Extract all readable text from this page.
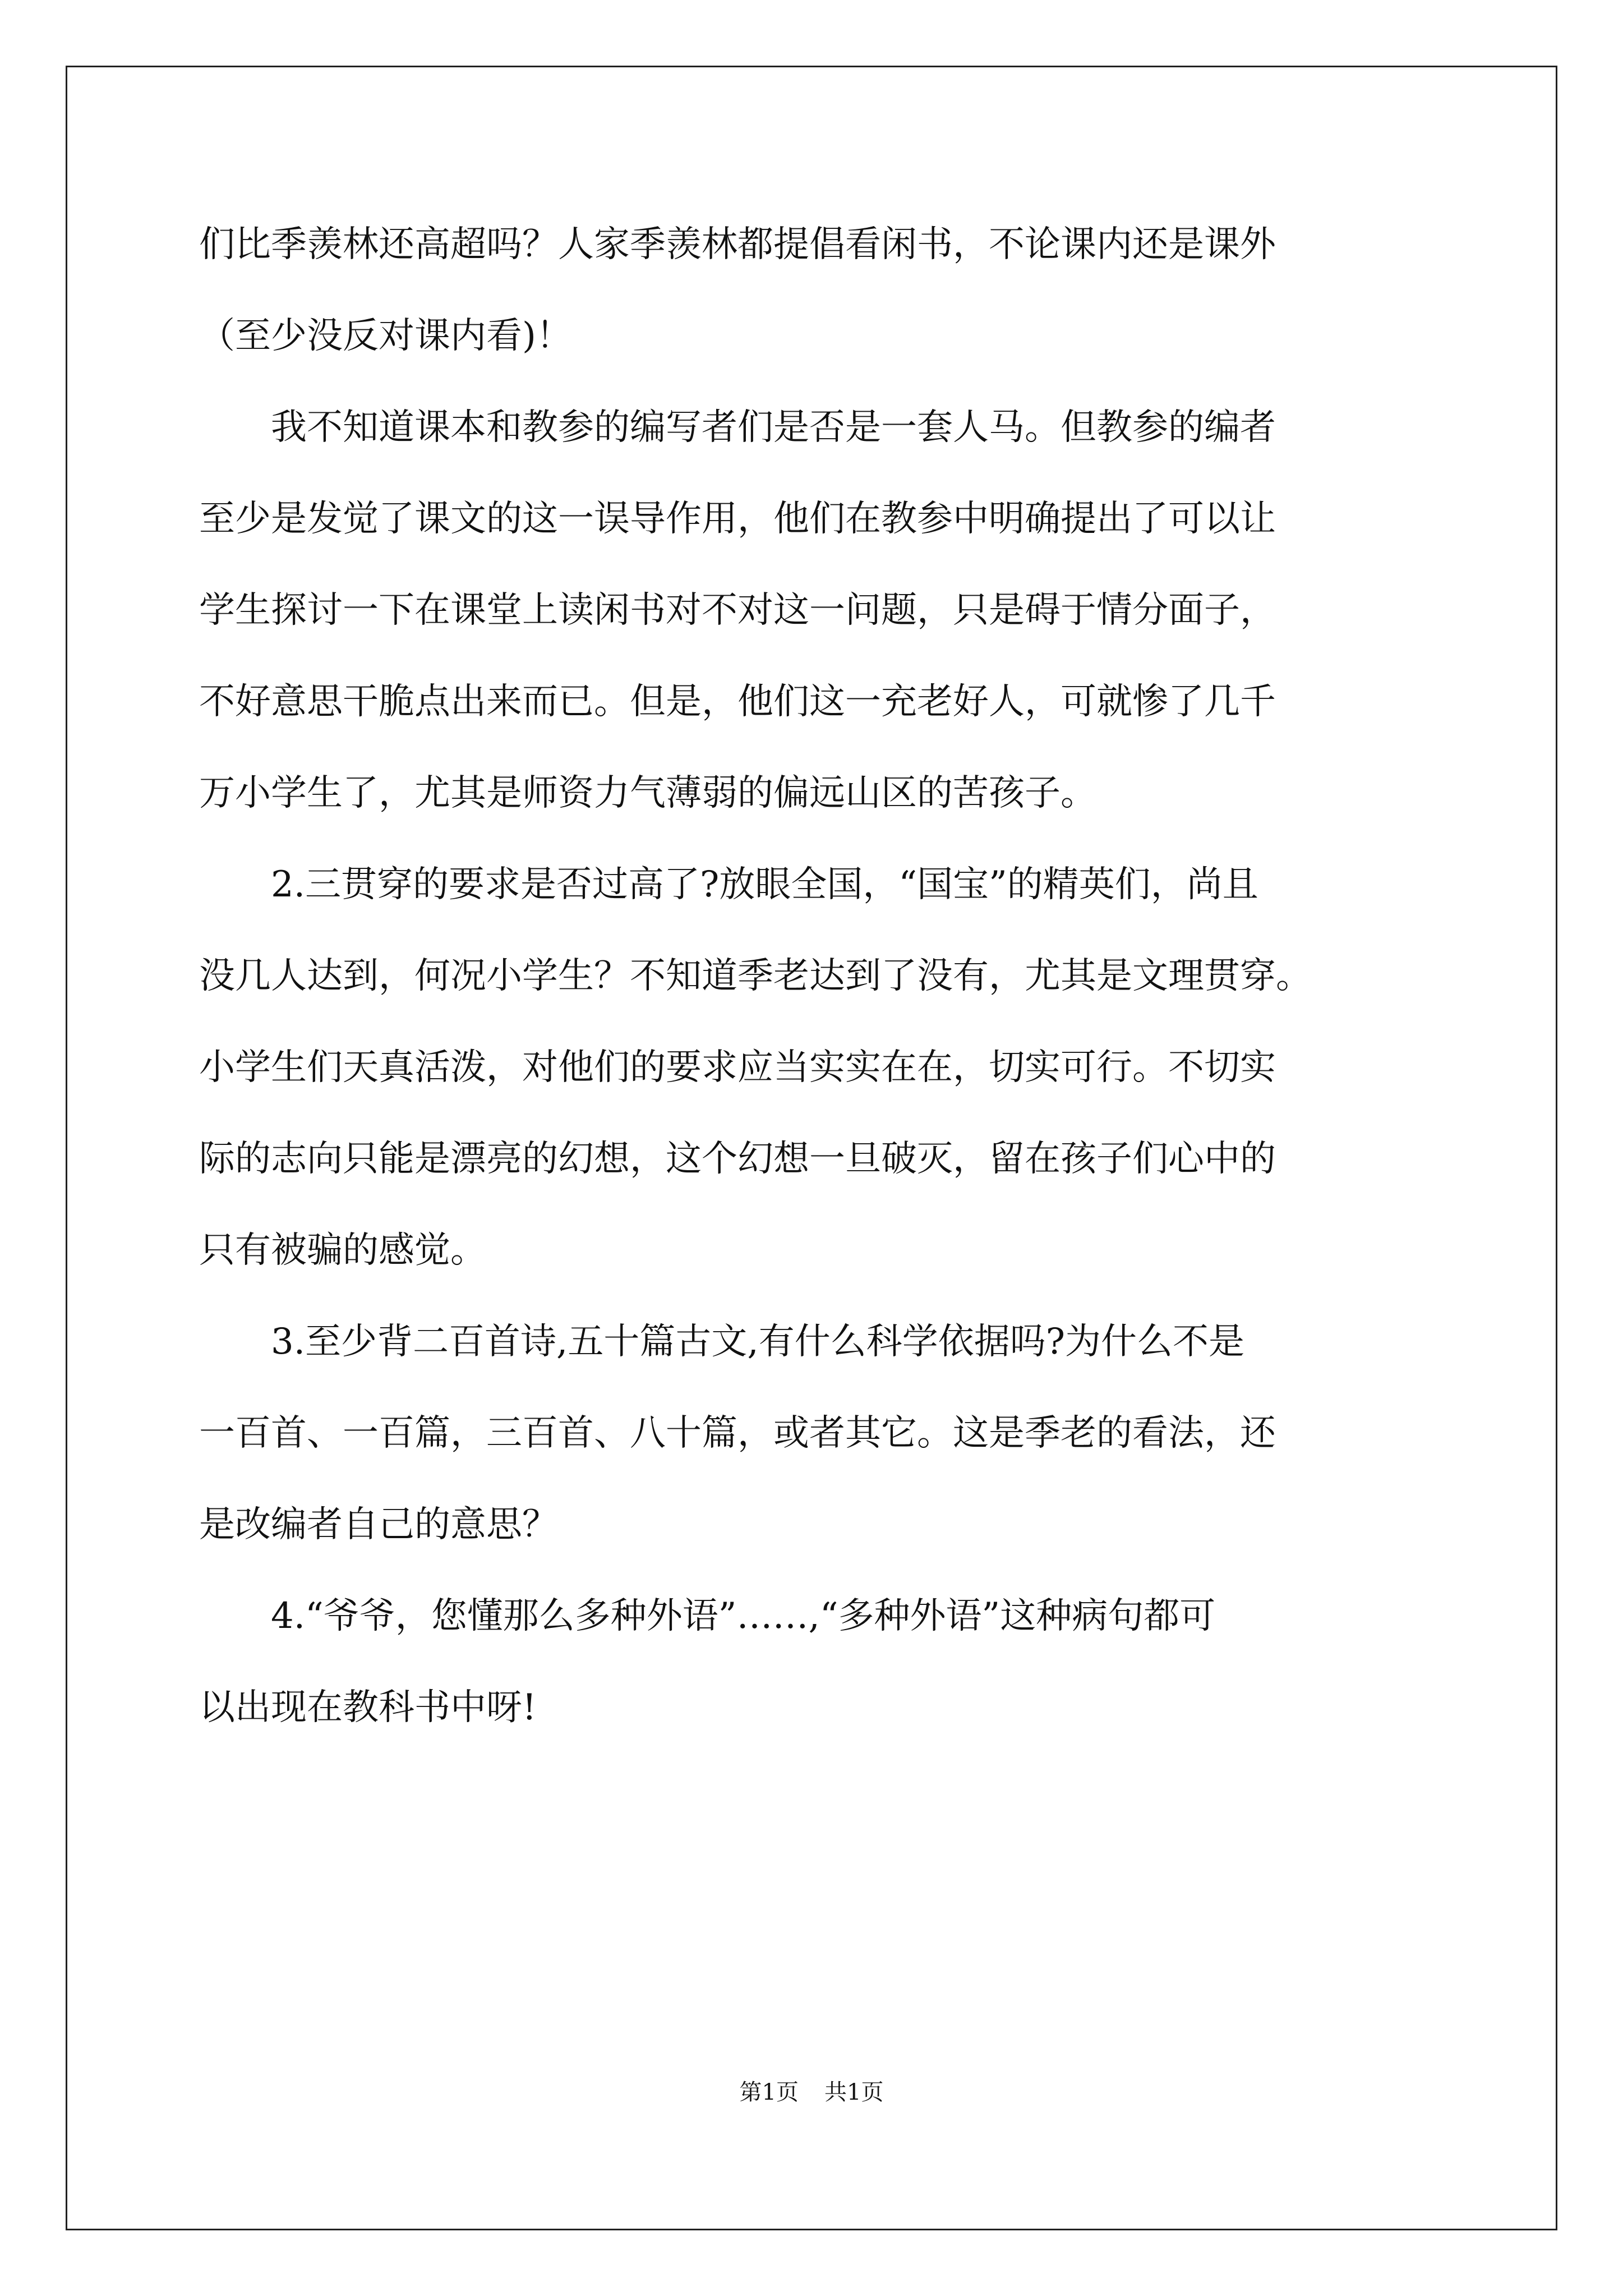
们比季羡林还高超吗？人家季羡林都提倡看闲书，不论课内还是课外
（至少没反对课内看)！
我不知道课本和教参的编写者们是否是一套人马。但教参的编者
至少是发觉了课文的这一误导作用，他们在教参中明确提出了可以让
学生探讨一下在课堂上读闲书对不对这一问题，只是碍于情分面子，
不好意思干脆点出来而已。但是，他们这一充老好人，可就惨了几千
万小学生了，尤其是师资力气薄弱的偏远山区的苦孩子。
2.三贯穿的要求是否过高了?放眼全国，“国宝”的精英们，尚且
没几人达到，何况小学生？不知道季老达到了没有，尤其是文理贯穿。
小学生们天真活泼，对他们的要求应当实实在在，切实可行。不切实
际的志向只能是漂亮的幻想，这个幻想一旦破灭，留在孩子们心中的
只有被骗的感觉。
3.至少背二百首诗,五十篇古文,有什么科学依据吗?为什么不是
一百首、一百篇，三百首、八十篇，或者其它。这是季老的看法，还
是改编者自己的意思？
4.“爷爷，您懂那么多种外语”……,“多种外语”这种病句都可
以出现在教科书中呀!
第1页 共1页
